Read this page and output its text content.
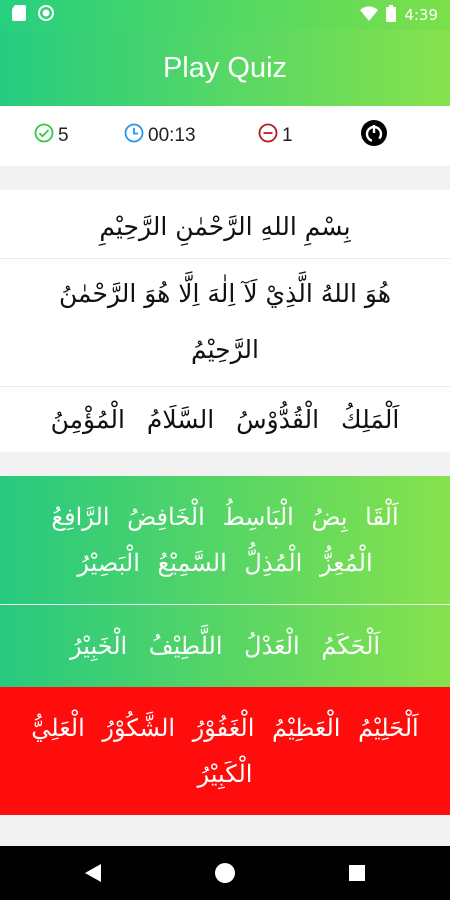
4:39
Play Quiz
5	00:13	1
بِسْمِ اللهِ الرَّحْمٰنِ الرَّحِيْمِ
هُوَ اللهُ الَّذِيْ لَآ اِلٰهَ اِلَّا هُوَ الرَّحْمٰنُ الرَّحِيْمُ
اَلْمَلِكُ الْقُدُّوْسُ السَّلَامُ الْمُؤْمِنُ
اَلْقَا بِضُ الْبَاسِطُ الْخَافِضُ الرَّافِعُ الْمُعِزُّ الْمُذِلُّ السَّمِيْعُ الْبَصِيْرُ
اَلْحَكَمُ الْعَدْلُ اللَّطِيْفُ الْخَبِيْرُ
اَلْحَلِيْمُ الْعَظِيْمُ الْغَفُوْرُ الشَّكُوْرُ الْعَلِيُّ الْكَبِيْرُ
